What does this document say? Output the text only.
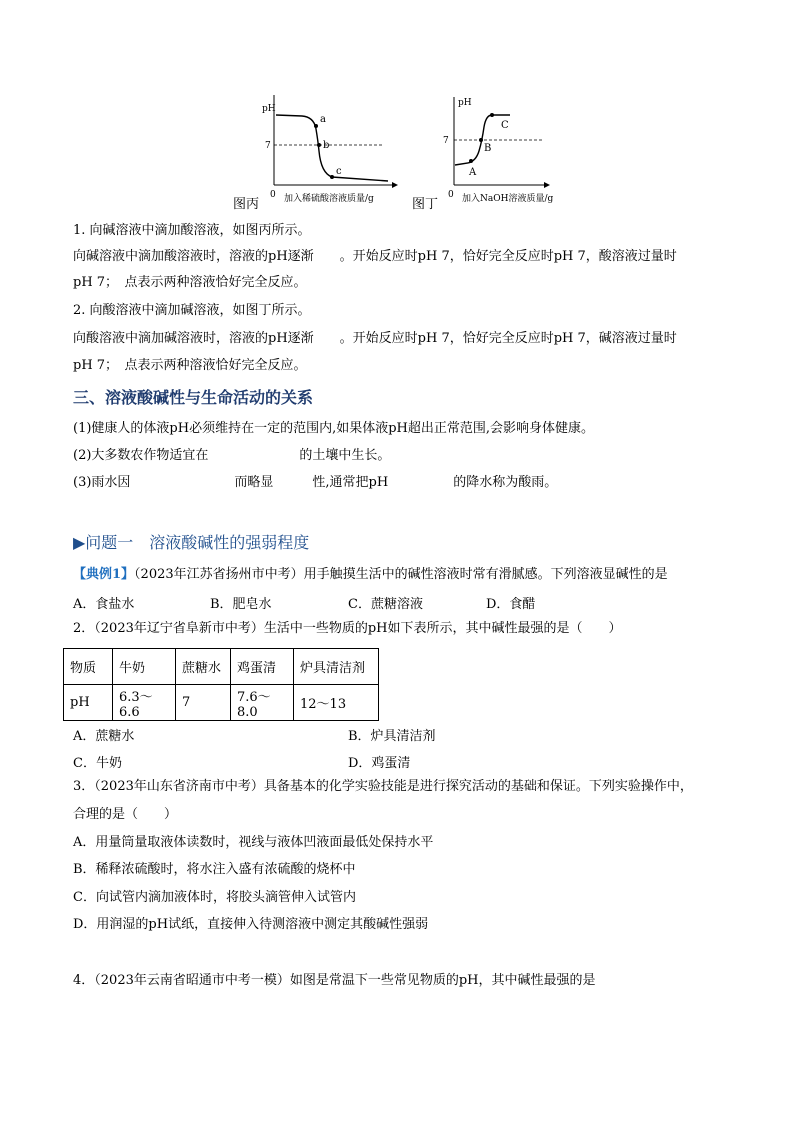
pH
7
0
a
b
c
加入稀硫酸溶液质量/g
图丙
pH
7
0
A
B
C
加入NaOH溶液质量/g
图丁
1. 向碱溶液中滴加酸溶液，如图丙所示。
向碱溶液中滴加酸溶液时，溶液的pH逐渐　　。开始反应时pH 7，恰好完全反应时pH 7，酸溶液过量时
pH 7；　点表示两种溶液恰好完全反应。
2. 向酸溶液中滴加碱溶液，如图丁所示。
向酸溶液中滴加碱溶液时，溶液的pH逐渐　　。开始反应时pH 7，恰好完全反应时pH 7，碱溶液过量时
pH 7；　点表示两种溶液恰好完全反应。
三、溶液酸碱性与生命活动的关系
(1)健康人的体液pH必须维持在一定的范围内,如果体液pH超出正常范围,会影响身体健康。
(2)大多数农作物适宜在　　　　　　　的土壤中生长。
(3)雨水因　　　　　　　　而略显　　　性,通常把pH　　　　　的降水称为酸雨。
▶问题一　溶液酸碱性的强弱程度
【典例1】（2023年江苏省扬州市中考）用手触摸生活中的碱性溶液时常有滑腻感。下列溶液显碱性的是
A．食盐水	B．肥皂水	C．蔗糖溶液	D．食醋
2．（2023年辽宁省阜新市中考）生活中一些物质的pH如下表所示，其中碱性最强的是（　　）
物质	牛奶	蔗糖水	鸡蛋清	炉具清洁剂
pH	6.3～6.6	7	7.6～8.0	12～13
A．蔗糖水	B．炉具清洁剂
C．牛奶	D．鸡蛋清
3．（2023年山东省济南市中考）具备基本的化学实验技能是进行探究活动的基础和保证。下列实验操作中，
合理的是（　　）
A．用量筒量取液体读数时，视线与液体凹液面最低处保持水平
B．稀释浓硫酸时，将水注入盛有浓硫酸的烧杯中
C．向试管内滴加液体时，将胶头滴管伸入试管内
D．用润湿的pH试纸，直接伸入待测溶液中测定其酸碱性强弱
4．（2023年云南省昭通市中考一模）如图是常温下一些常见物质的pH，其中碱性最强的是
